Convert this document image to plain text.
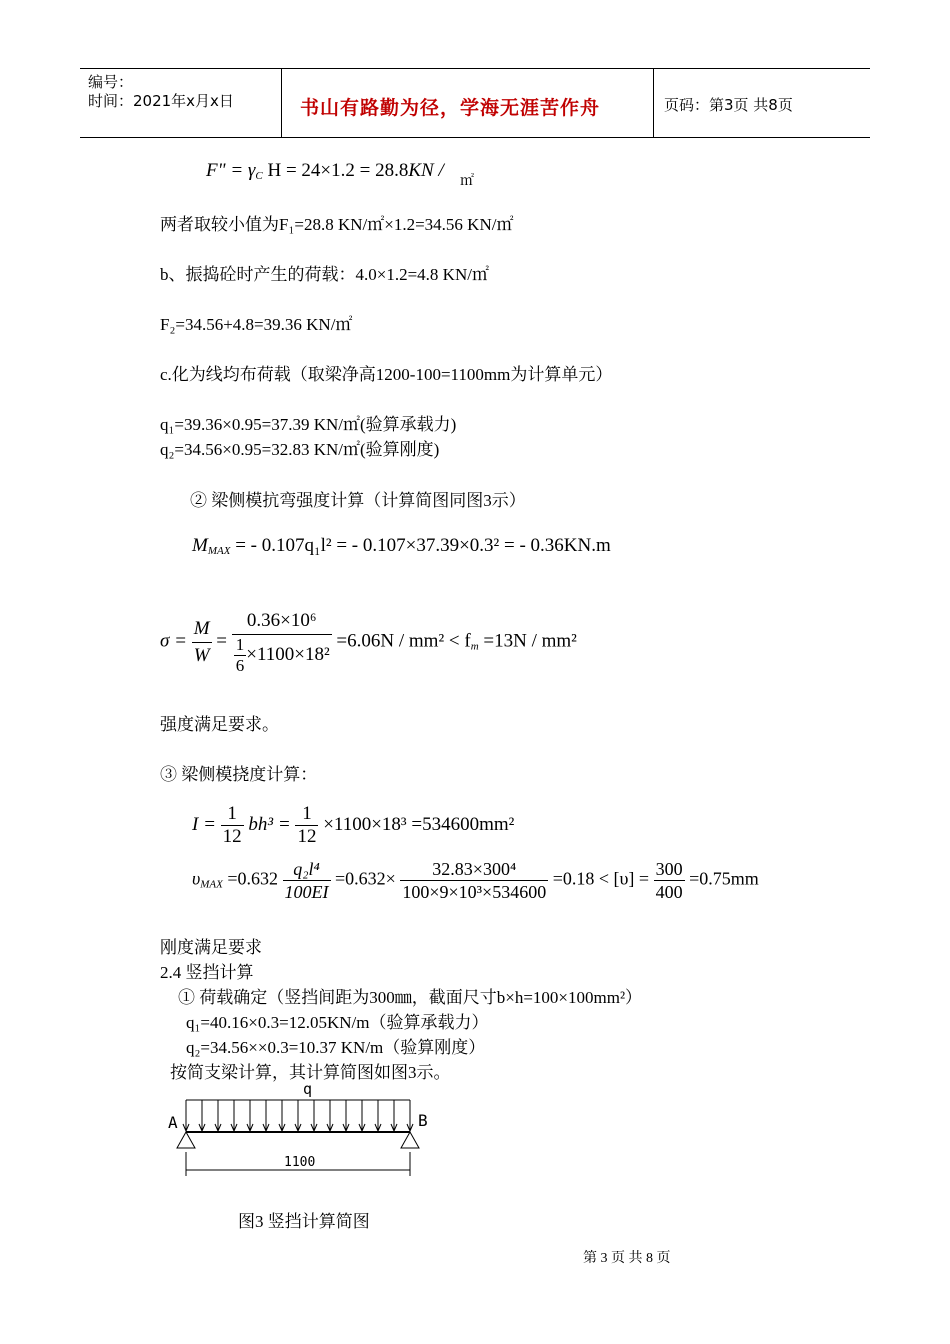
编号：
时间：2021年x月x日	书山有路勤为径，学海无涯苦作舟	页码：第3页 共8页
F" = $\gamma_C$ H = 24×1.2 = 28.8KN /
㎡
两者取较小值为F₁=28.8 KN/㎡×1.2=34.56 KN/㎡
b、振捣砼时产生的荷载：4.0×1.2=4.8 KN/㎡
F₂=34.56+4.8=39.36 KN/㎡
c.化为线均布荷载（取梁净高1200-100=1100mm为计算单元）
q₁=39.36×0.95=37.39 KN/㎡(验算承载力)
q₂=34.56×0.95=32.83 KN/㎡(验算刚度)
② 梁侧模抗弯强度计算（计算简图同图3示）
$M_{MAX}$ = - 0.107q₁l² = - 0.107×37.39×0.3² = - 0.36KN.m
$\sigma = \frac{M}{W} = \frac{\text{0.36×10⁶}}{\frac{1}{6} \times 1100\times 18^2} =6.06N / mm^2 < f_m =13N / mm^2$
强度满足要求。
③ 梁侧模挠度计算：
$I = \frac{1}{12} bh^3 = \frac{1}{12} \times 1100\times 18^3 =534600mm^2$
$\upsilon_{MAX} =0.632 \frac{\text{q₂l⁴}}{100EI} =0.632\times \frac{\text{32.83×300⁴}}{\text{100×9×10³×534600}} =0.18 < [\upsilon] = \frac{300}{400} =0.75mm$
刚度满足要求
2.4 竖挡计算
① 荷载确定（竖挡间距为300㎜，截面尺寸b×h=100×100mm²）
q₁=40.16×0.3=12.05KN/m（验算承载力）
q₂=34.56××0.3=10.37 KN/m（验算刚度）
按简支梁计算，其计算简图如图3示。
q
A	B
1100
图3 竖挡计算简图
第 3 页 共 8 页
